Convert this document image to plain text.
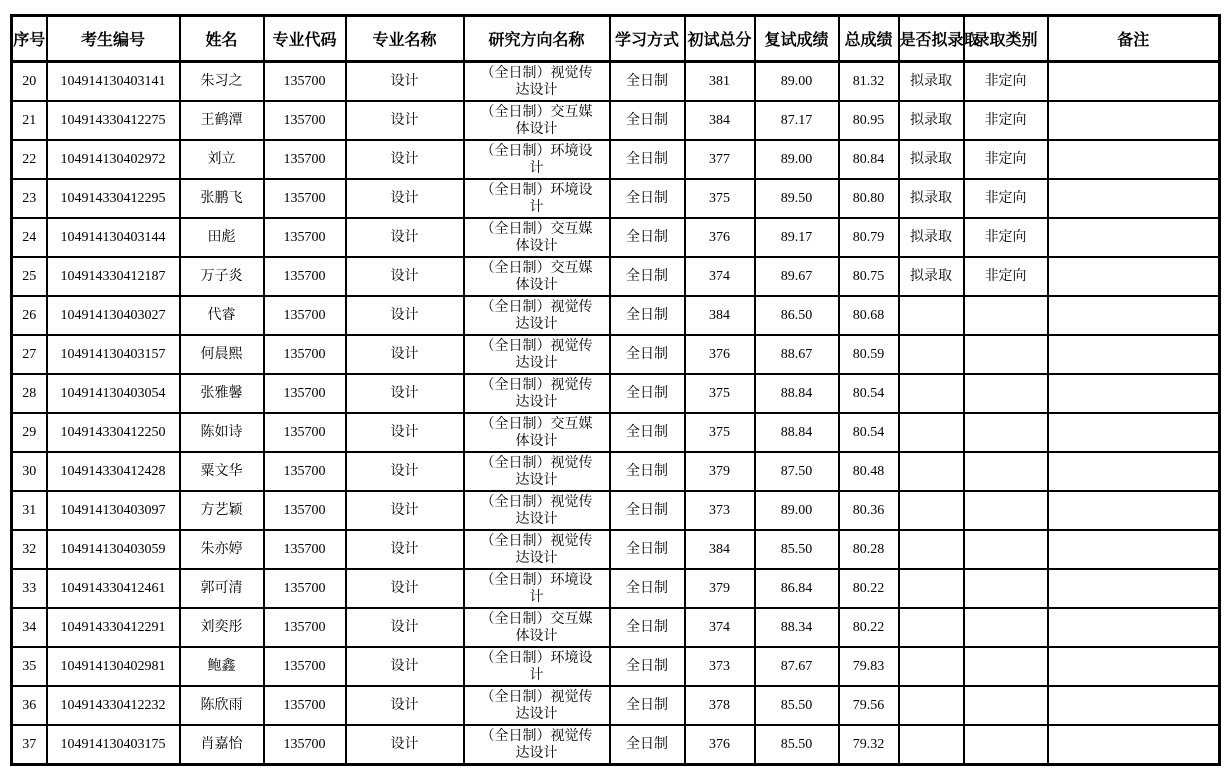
序号	考生编号	姓名	专业代码	专业名称	研究方向名称	学习方式	初试总分	复试成绩	总成绩	是否拟录取	录取类别	备注
20	104914130403141	朱习之	135700	设计	（全日制）视觉传达设计	全日制	381	89.00	81.32	拟录取	非定向	
21	104914330412275	王鹤潭	135700	设计	（全日制）交互媒体设计	全日制	384	87.17	80.95	拟录取	非定向	
22	104914130402972	刘立	135700	设计	（全日制）环境设计	全日制	377	89.00	80.84	拟录取	非定向	
23	104914330412295	张鹏飞	135700	设计	（全日制）环境设计	全日制	375	89.50	80.80	拟录取	非定向	
24	104914130403144	田彪	135700	设计	（全日制）交互媒体设计	全日制	376	89.17	80.79	拟录取	非定向	
25	104914330412187	万子炎	135700	设计	（全日制）交互媒体设计	全日制	374	89.67	80.75	拟录取	非定向	
26	104914130403027	代睿	135700	设计	（全日制）视觉传达设计	全日制	384	86.50	80.68			
27	104914130403157	何晨熙	135700	设计	（全日制）视觉传达设计	全日制	376	88.67	80.59			
28	104914130403054	张雅馨	135700	设计	（全日制）视觉传达设计	全日制	375	88.84	80.54			
29	104914330412250	陈如诗	135700	设计	（全日制）交互媒体设计	全日制	375	88.84	80.54			
30	104914330412428	粟文华	135700	设计	（全日制）视觉传达设计	全日制	379	87.50	80.48			
31	104914130403097	方艺颖	135700	设计	（全日制）视觉传达设计	全日制	373	89.00	80.36			
32	104914130403059	朱亦婷	135700	设计	（全日制）视觉传达设计	全日制	384	85.50	80.28			
33	104914330412461	郭可清	135700	设计	（全日制）环境设计	全日制	379	86.84	80.22			
34	104914330412291	刘奕彤	135700	设计	（全日制）交互媒体设计	全日制	374	88.34	80.22			
35	104914130402981	鲍鑫	135700	设计	（全日制）环境设计	全日制	373	87.67	79.83			
36	104914330412232	陈欣雨	135700	设计	（全日制）视觉传达设计	全日制	378	85.50	79.56			
37	104914130403175	肖嘉怡	135700	设计	（全日制）视觉传达设计	全日制	376	85.50	79.32			
